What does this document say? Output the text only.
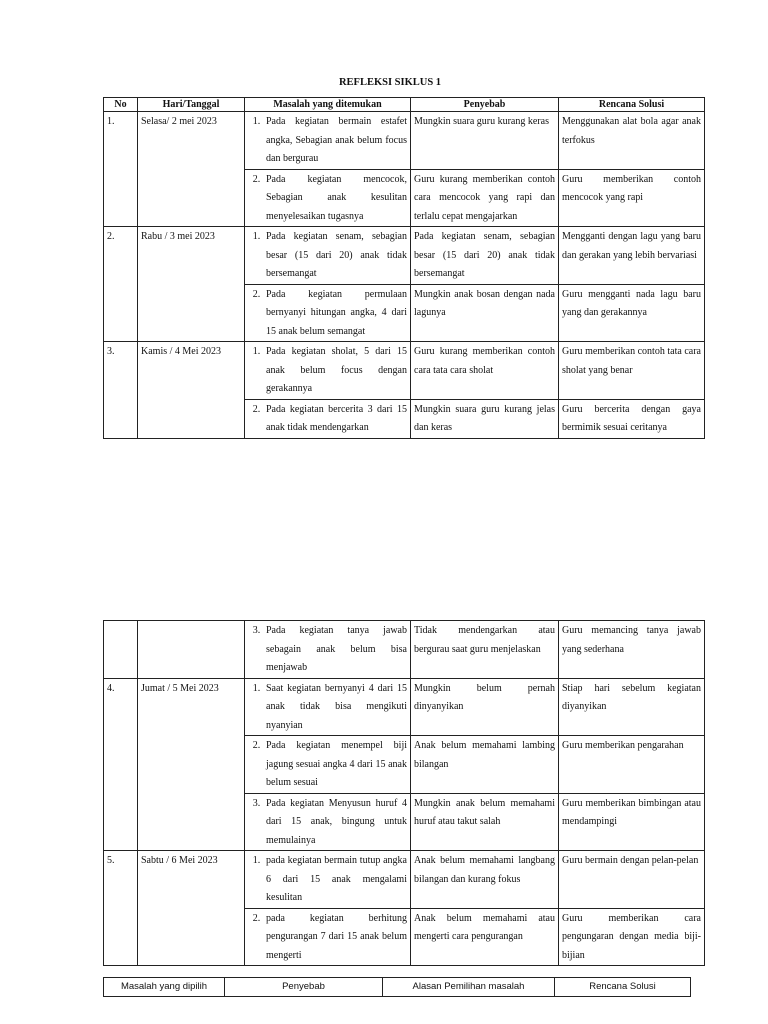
REFLEKSI SIKLUS 1
No	Hari/Tanggal	Masalah yang ditemukan	Penyebab	Rencana Solusi
1.	Selasa/ 2 mei 2023	1. Pada kegiatan bermain estafet angka, Sebagian anak belum focus dan bergurau	Mungkin suara guru kurang keras	Menggunakan alat bola agar anak terfokus

		2. Pada kegiatan mencocok, Sebagian anak kesulitan menyelesaikan tugasnya	Guru kurang memberikan contoh cara mencocok yang rapi dan terlalu cepat mengajarkan	Guru memberikan contoh mencocok yang rapi
2.	Rabu / 3 mei 2023	1. Pada kegiatan senam, sebagian besar (15 dari 20) anak tidak bersemangat	Pada kegiatan senam, sebagian besar (15 dari 20) anak tidak bersemangat	Mengganti dengan lagu yang baru dan gerakan yang lebih bervariasi

		2. Pada kegiatan permulaan bernyanyi hitungan angka, 4 dari 15 anak belum semangat	Mungkin anak bosan dengan nada lagunya	Guru mengganti nada lagu baru yang dan gerakannya
3.	Kamis / 4 Mei 2023	1. Pada kegiatan sholat, 5 dari 15 anak belum focus dengan gerakannya	Guru kurang memberikan contoh cara tata cara sholat	Guru memberikan contoh tata cara sholat yang benar

		2. Pada kegiatan bercerita 3 dari 15 anak tidak mendengarkan	Mungkin suara guru kurang jelas dan keras	Guru bercerita dengan gaya bermimik sesuai ceritanya

		3. Pada kegiatan tanya jawab sebagain anak belum bisa menjawab	Tidak mendengarkan atau bergurau saat guru menjelaskan	Guru memancing tanya jawab yang sederhana
4.	Jumat / 5 Mei 2023	1. Saat kegiatan bernyanyi 4 dari 15 anak tidak bisa mengikuti nyanyian	Mungkin belum pernah dinyanyikan	Stiap hari sebelum kegiatan diyanyikan

		2. Pada kegiatan menempel biji jagung sesuai angka 4 dari 15 anak belum sesuai	Anak belum memahami lambing bilangan	Guru memberikan pengarahan

		3. Pada kegiatan Menyusun huruf 4 dari 15 anak, bingung untuk memulainya	Mungkin anak belum memahami huruf atau takut salah	Guru memberikan bimbingan atau mendampingi
5.	Sabtu / 6 Mei 2023	1. pada kegiatan bermain tutup angka 6 dari 15 anak mengalami kesulitan	Anak belum memahami langbang bilangan dan kurang fokus	Guru bermain dengan pelan-pelan

		2. pada kegiatan berhitung pengurangan 7 dari 15 anak belum mengerti	Anak belum memahami atau mengerti cara pengurangan	Guru memberikan cara pengungaran dengan media biji-bijian
Masalah yang dipilih	Penyebab	Alasan Pemilihan masalah	Rencana Solusi
